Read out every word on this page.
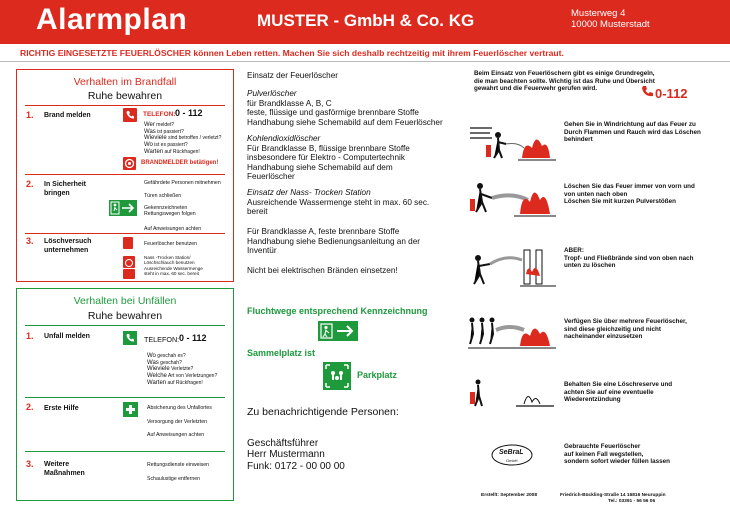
Alarmplan	MUSTER - GmbH & Co. KG	Musterweg 4
10000 Musterstadt
RICHTIG EINGESETZTE FEUERLÖSCHER können Leben retten. Machen Sie sich deshalb rechtzeitig mit ihrem Feuerlöscher vertraut.
Verhalten im Brandfall
Ruhe bewahren
1. Brand melden	TELEFON: 0 - 112
Wer meldet?
Was ist passiert?
Wieviele sind betroffen / verletzt?
Wo ist es passiert?
Warten auf Rückfragen!
BRANDMELDER betätigen!
2. In Sicherheit
bringen
Gefährdete Personen mitnehmen
Türen schließen
Gekennzeichneten
Rettungswegen folgen
Auf Anweisungen achten
3. Löschversuch
unternehmen
Feuerlöscher benutzen
Nass -Trocken Station/
Löschschlauch benutzen
Ausreichende Wassermenge
steht in max. 60 sec. bereit
Verhalten bei Unfällen
Ruhe bewahren
1. Unfall melden	TELEFON: 0 - 112
Wo geschah es?
Was geschah?
Wieviele Verletzte?
Welche Art von Verletzungen?
Warten auf Rückfragen!
2. Erste Hilfe	Absicherung des Unfallortes
Versorgung der Verletzten
Auf Anweisungen achten
3. Weitere
Maßnahmen
Rettungsdienste einweisen
Schaulustige entfernen
Einsatz der Feuerlöscher
Pulverlöscher
für Brandklasse A, B, C
feste, flüssige und gasförmige brennbare Stoffe
Handhabung siehe Schemabild auf dem Feuerlöscher
Kohlendioxidlöscher
Für Brandklasse B, flüssige brennbare Stoffe
insbesondere für Elektro - Computertechnik
Handhabung siehe Schemabild auf dem
Feuerlöscher
Einsatz der Nass- Trocken Station
Ausreichende Wassermenge steht in max. 60 sec.
bereit
Für Brandklasse A, feste brennbare Stoffe
Handhabung siehe Bedienungsanleitung an der
Inventür
Nicht bei elektrischen Bränden einsetzen!
Fluchtwege entsprechend Kennzeichnung
Sammelplatz ist
Parkplatz
Zu benachrichtigende Personen:
Geschäftsführer
Herr Mustermann
Funk: 0172 - 00 00 00
Beim Einsatz von Feuerlöschern gibt es einige Grundregeln,
die man beachten sollte. Wichtig ist das Ruhe und Übersicht
gewahrt und die Feuerwehr gerufen wird.	0-112
SeBraL
GmbH
Gehen Sie in Windrichtung auf das Feuer zu
Durch Flammen und Rauch wird das Löschen
behindert
Löschen Sie das Feuer immer von vorn und
von unten nach oben
Löschen Sie mit kurzen Pulverstößen
ABER:
Tropf- und Fließbrände sind von oben nach
unten zu löschen
Verfügen Sie über mehrere Feuerlöscher,
sind diese gleichzeitig und nicht
nacheinander einzusetzen
Behalten Sie eine Löschreserve und
achten Sie auf eine eventuelle
Wiederentzündung
Gebrauchte Feuerlöscher
auf keinen Fall wegstellen,
sondern sofort wieder füllen lassen
Erstellt: September 2008	Friedrich-Bückling-Straße 14 16816 Neuruppin
Tel.: 03391 - 56 56 06
